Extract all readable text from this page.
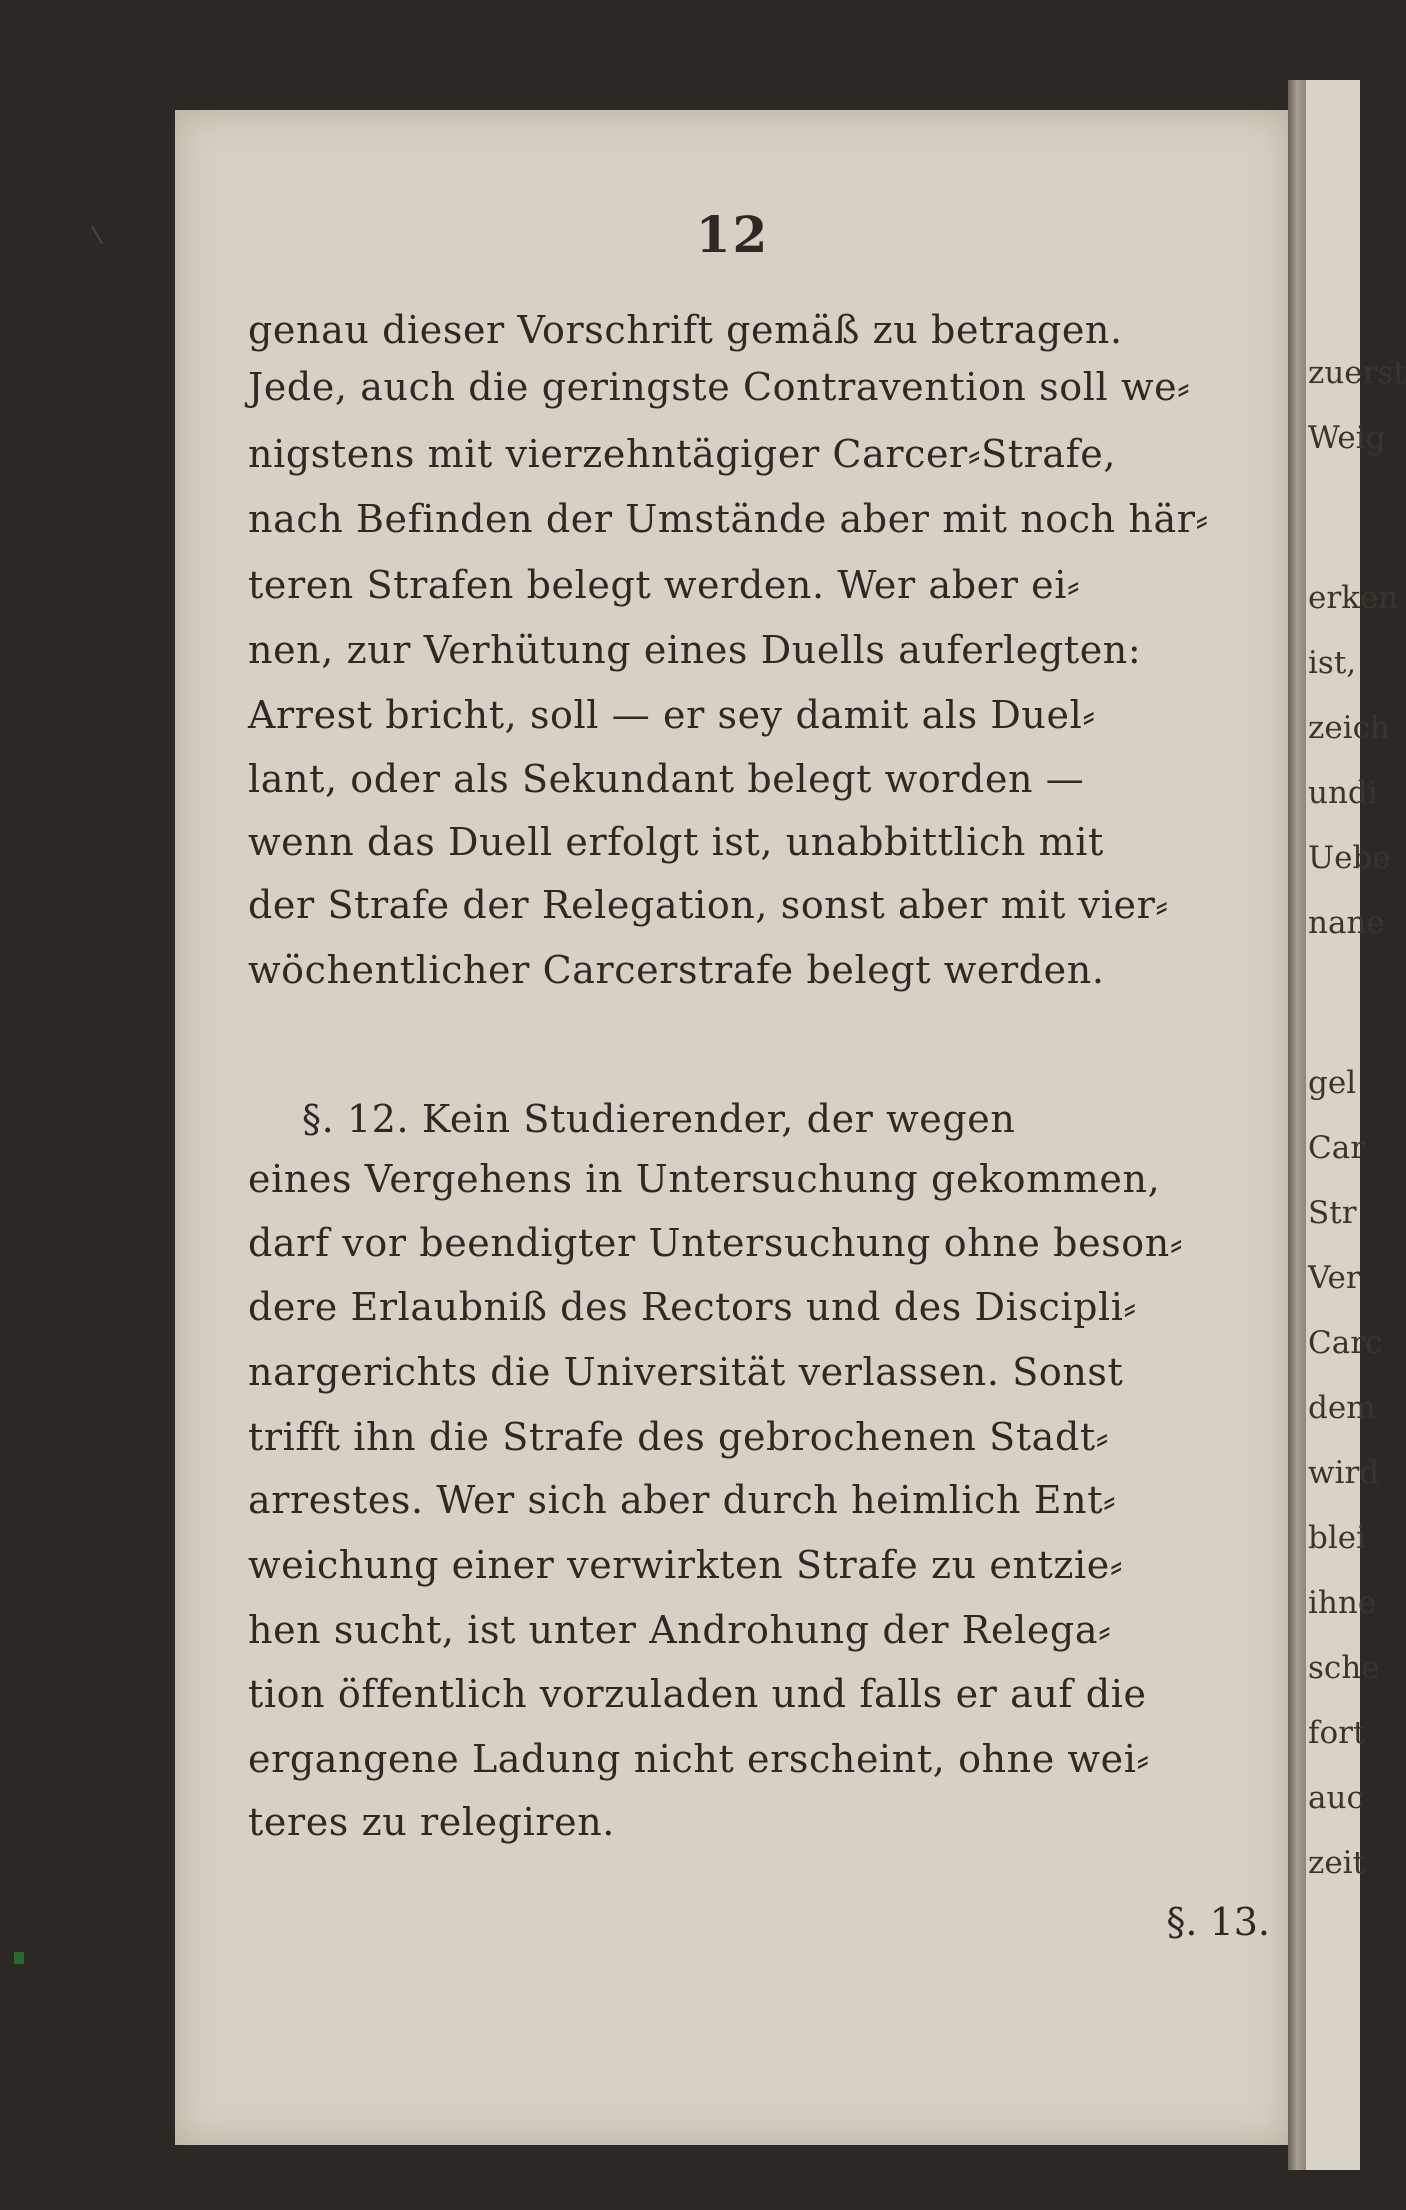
12
genau dieser Vorschrift gemäß zu betragen.
Jede, auch die geringste Contravention soll we⸗
nigstens mit vierzehntägiger Carcer⸗Strafe,
nach Befinden der Umstände aber mit noch här⸗
teren Strafen belegt werden. Wer aber ei⸗
nen, zur Verhütung eines Duells auferlegten:
Arrest bricht, soll — er sey damit als Duel⸗
lant, oder als Sekundant belegt worden —
wenn das Duell erfolgt ist, unabbittlich mit
der Strafe der Relegation, sonst aber mit vier⸗
wöchentlicher Carcerstrafe belegt werden.
§. 12. Kein Studierender, der wegen
eines Vergehens in Untersuchung gekommen,
darf vor beendigter Untersuchung ohne beson⸗
dere Erlaubniß des Rectors und des Discipli⸗
nargerichts die Universität verlassen. Sonst
trifft ihn die Strafe des gebrochenen Stadt⸗
arrestes. Wer sich aber durch heimlich Ent⸗
weichung einer verwirkten Strafe zu entzie⸗
hen sucht, ist unter Androhung der Relega⸗
tion öffentlich vorzuladen und falls er auf die
ergangene Ladung nicht erscheint, ohne wei⸗
teres zu relegiren.
§. 13.
zuerst
Weig
erken
ist,
zeich
undi
Uebe
nane
gel
Car
Str
Ver
Carc
dem
wird
blei
ihne
sche
fort
auc
zeit
